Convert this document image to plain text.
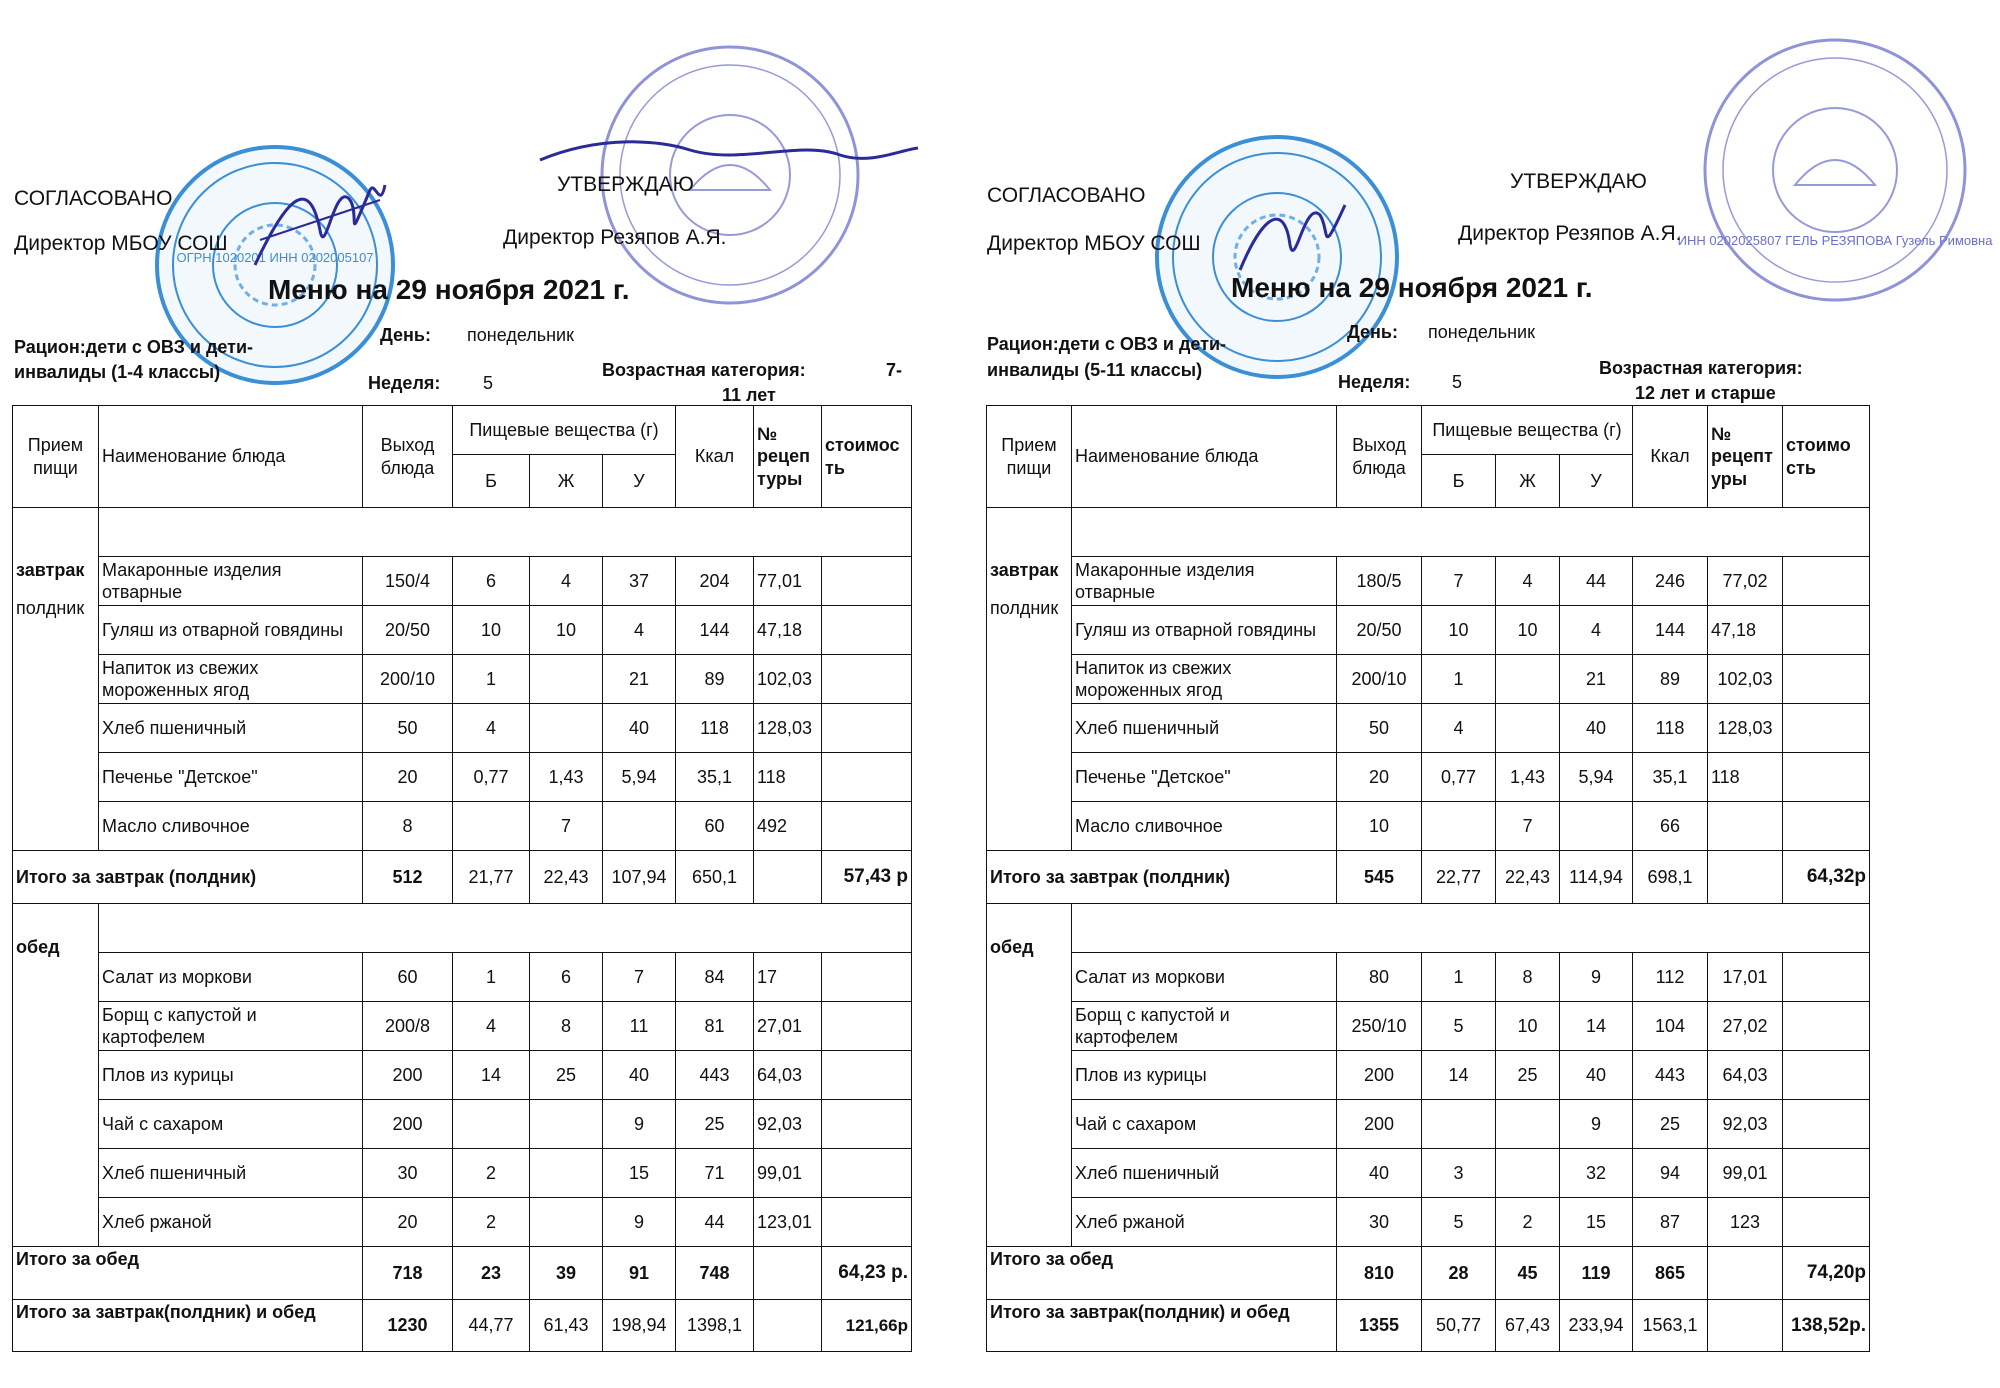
ОГРН 1020201 ИНН 0202005107
СОГЛАСОВАНО
Директор МБОУ СОШ
УТВЕРЖДАЮ
Директор Резяпов А.Я.
Меню на 29 ноября 2021 г.
Рацион:дети с ОВЗ и дети-
инвалиды (1-4 классы)
День: понедельник
Неделя: 5
Возрастная категория:	7-
11 лет
Прием пищи	Наименование блюда	Выход блюда	Пищевые вещества (г)			Ккал	№ рецеп туры	стоимос ть
			Б	Ж	У			

завтрак
полдник								

	Макаронные изделия отварные	150/4	6	4	37	204	77,01	
	Гуляш из отварной говядины	20/50	10	10	4	144	47,18	
	Напиток из свежих мороженных ягод	200/10	1		21	89	102,03	
	Хлеб пшеничный	50	4		40	118	128,03	
	Печенье "Детское"	20	0,77	1,43	5,94	35,1	118	
	Масло сливочное	8		7		60	492	
Итого за завтрак (полдник)		512	21,77	22,43	107,94	650,1		57,43 р

обед								

	Салат из моркови	60	1	6	7	84	17	
	Борщ с капустой и картофелем	200/8	4	8	11	81	27,01	
	Плов из курицы	200	14	25	40	443	64,03	
	Чай с сахаром	200			9	25	92,03	
	Хлеб пшеничный	30	2		15	71	99,01	
	Хлеб ржаной	20	2		9	44	123,01	
Итого за обед		718	23	39	91	748		64,23 р.
Итого за завтрак(полдник) и обед		1230	44,77	61,43	198,94	1398,1		121,66р
ИНН 0202025807 ГЕЛЬ РЕЗЯПОВА Гузель Римовна
СОГЛАСОВАНО
Директор МБОУ СОШ
УТВЕРЖДАЮ
Директор Резяпов А.Я.
Меню на 29 ноября 2021 г.
Рацион:дети с ОВЗ и дети-
инвалиды (5-11 классы)
День: понедельник
Неделя: 5
Возрастная категория:
12 лет и старше
Прием пищи	Наименование блюда	Выход блюда	Пищевые вещества (г)			Ккал	№ рецепт уры	стоимо сть
			Б	Ж	У			

завтрак
полдник								

	Макаронные изделия отварные	180/5	7	4	44	246	77,02	
	Гуляш из отварной говядины	20/50	10	10	4	144	47,18	
	Напиток из свежих мороженных ягод	200/10	1		21	89	102,03	
	Хлеб пшеничный	50	4		40	118	128,03	
	Печенье "Детское"	20	0,77	1,43	5,94	35,1	118	
	Масло сливочное	10		7		66		
Итого за завтрак (полдник)		545	22,77	22,43	114,94	698,1		64,32р

обед								

	Салат из моркови	80	1	8	9	112	17,01	
	Борщ с капустой и картофелем	250/10	5	10	14	104	27,02	
	Плов из курицы	200	14	25	40	443	64,03	
	Чай с сахаром	200			9	25	92,03	
	Хлеб пшеничный	40	3		32	94	99,01	
	Хлеб ржаной	30	5	2	15	87	123	
Итого за обед		810	28	45	119	865		74,20р
Итого за завтрак(полдник) и обед		1355	50,77	67,43	233,94	1563,1		138,52р.
